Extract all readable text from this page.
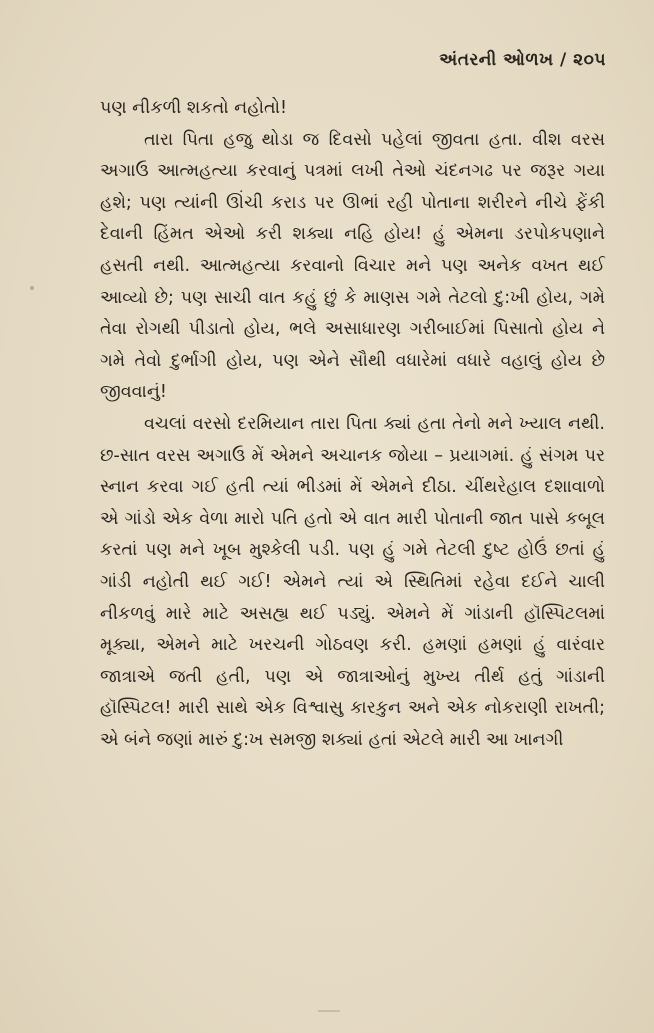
અંતરની ઓળખ / ૨૦૫

પણ નીકળી શકતો નહોતો!

તારા પિતા હજુ થોડા જ દિવસો પહેલાં જીવતા હતા. વીશ વરસ અગાઉ આત્મહત્યા કરવાનું પત્રમાં લખી તેઓ ચંદનગઢ પર જરૂર ગયા હશે; પણ ત્યાંની ઊંચી કરાડ પર ઊભાં રહી પોતાના શરીરને નીચે ફેંકી દેવાની હિંમત એઓ કરી શક્યા નહિ હોય! હું એમના ડરપોકપણાને હસતી નથી. આત્મહત્યા કરવાનો વિચાર મને પણ અનેક વખત થઈ આવ્યો છે; પણ સાચી વાત કહું છું કે માણસ ગમે તેટલો દુ:ખી હોય, ગમે તેવા રોગથી પીડાતો હોય, ભલે અસાધારણ ગરીબાઈમાં પિસાતો હોય ને ગમે તેવો દુર્ભાગી હોય, પણ એને સૌથી વધારેમાં વધારે વહાલું હોય છે જીવવાનું!

વચલાં વરસો દરમિયાન તારા પિતા ક્યાં હતા તેનો મને ખ્યાલ નથી. છ-સાત વરસ અગાઉ મેં એમને અચાનક જોયા – પ્રયાગમાં. હું સંગમ પર સ્નાન કરવા ગઈ હતી ત્યાં ભીડમાં મેં એમને દીઠા. ચીંથરેહાલ દશાવાળો એ ગાંડો એક વેળા મારો પતિ હતો એ વાત મારી પોતાની જાત પાસે કબૂલ કરતાં પણ મને ખૂબ મુશ્કેલી પડી. પણ હું ગમે તેટલી દુષ્ટ હોઉં છતાં હું ગાંડી નહોતી થઈ ગઈ! એમને ત્યાં એ સ્થિતિમાં રહેવા દઈને ચાલી નીકળવું મારે માટે અસહ્ય થઈ પડ્યું. એમને મેં ગાંડાની હૉસ્પિટલમાં મૂક્યા, એમને માટે ખરચની ગોઠવણ કરી. હમણાં હમણાં હું વારંવાર જાત્રાએ જતી હતી, પણ એ જાત્રાઓનું મુખ્ય તીર્થ હતું ગાંડાની હૉસ્પિટલ! મારી સાથે એક વિશ્વાસુ કારકુન અને એક નોકરાણી રાખતી; એ બંને જણાં મારું દુ:ખ સમજી શક્યાં હતાં એટલે મારી આ ખાનગી
